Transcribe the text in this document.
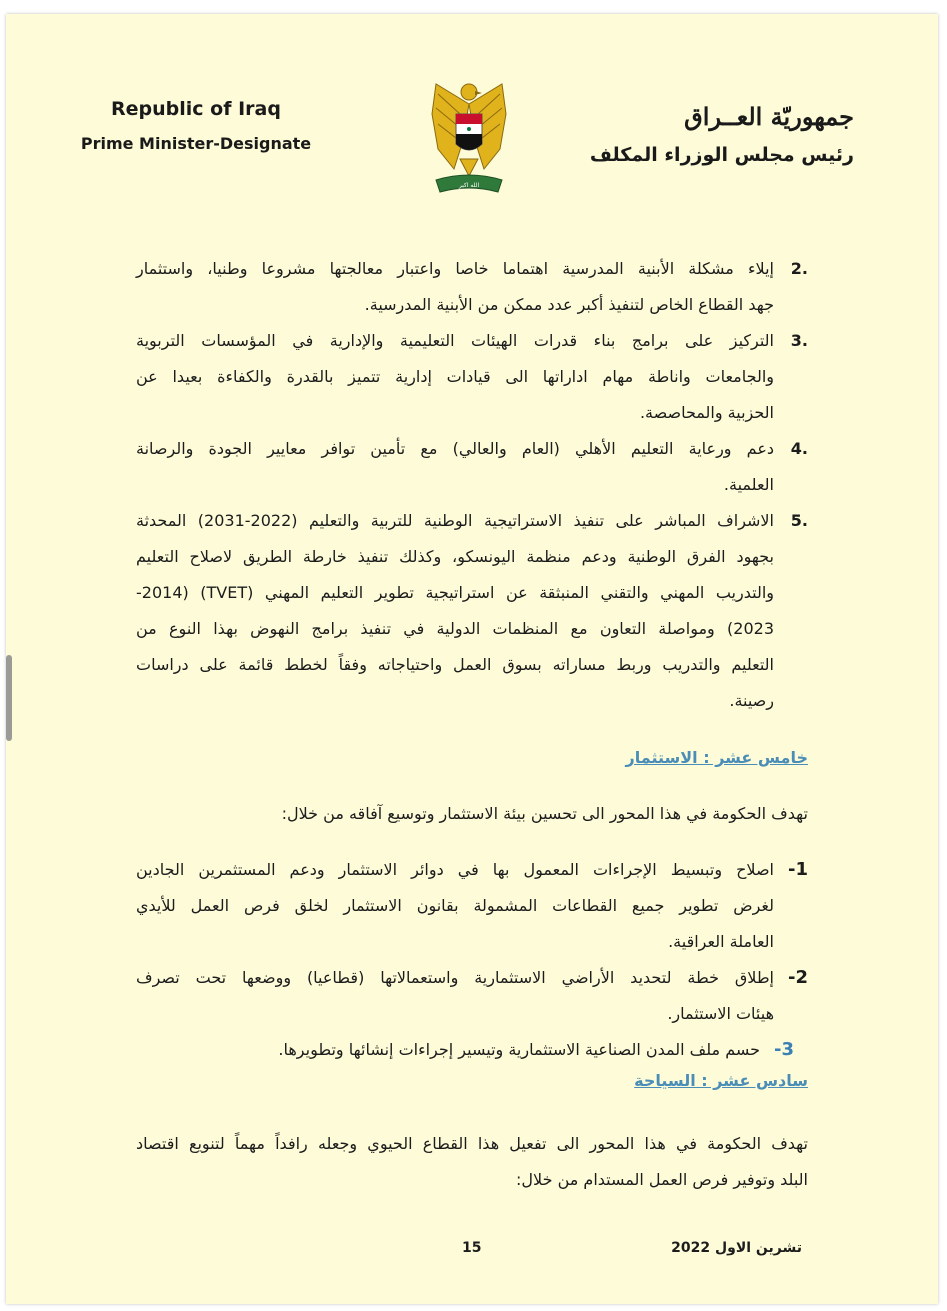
Republic of Iraq
Prime Minister-Designate
الله اكبر
جمهوريّة العــراق
رئيس مجلس الوزراء المكلف
.2
إيلاء مشكلة الأبنية المدرسية اهتماما خاصا واعتبار معالجتها مشروعا وطنيا، واستثمار
جهد القطاع الخاص لتنفيذ أكبر عدد ممكن من الأبنية المدرسية.
.3
التركيز على برامج بناء قدرات الهيئات التعليمية والإدارية في المؤسسات التربوية
والجامعات واناطة مهام اداراتها الى قيادات إدارية تتميز بالقدرة والكفاءة بعيدا عن
الحزبية والمحاصصة.
.4
دعم ورعاية التعليم الأهلي (العام والعالي) مع تأمين توافر معايير الجودة والرصانة
العلمية.
.5
الاشراف المباشر على تنفيذ الاستراتيجية الوطنية للتربية والتعليم (2022-2031) المحدثة
بجهود الفرق الوطنية ودعم منظمة اليونسكو، وكذلك تنفيذ خارطة الطريق لاصلاح التعليم
والتدريب المهني والتقني المنبثقة عن استراتيجية تطوير التعليم المهني (TVET) (2014-
2023) ومواصلة التعاون مع المنظمات الدولية في تنفيذ برامج النهوض بهذا النوع من
التعليم والتدريب وربط مساراته بسوق العمل واحتياجاته وفقاً لخطط قائمة على دراسات
رصينة.
خامس عشر : الاستثمار
تهدف الحكومة في هذا المحور الى تحسين بيئة الاستثمار وتوسيع آفاقه من خلال:
1-
اصلاح وتبسيط الإجراءات المعمول بها في دوائر الاستثمار ودعم المستثمرين الجادين
لغرض تطوير جميع القطاعات المشمولة بقانون الاستثمار لخلق فرص العمل للأيدي
العاملة العراقية.
2-
إطلاق خطة لتحديد الأراضي الاستثمارية واستعمالاتها (قطاعيا) ووضعها تحت تصرف
هيئات الاستثمار.
3-
حسم ملف المدن الصناعية الاستثمارية وتيسير إجراءات إنشائها وتطويرها.
سادس عشر : السياحة
تهدف الحكومة في هذا المحور الى تفعيل هذا القطاع الحيوي وجعله رافداً مهماً لتنويع اقتصاد
البلد وتوفير فرص العمل المستدام من خلال:
15	تشرين الاول 2022
